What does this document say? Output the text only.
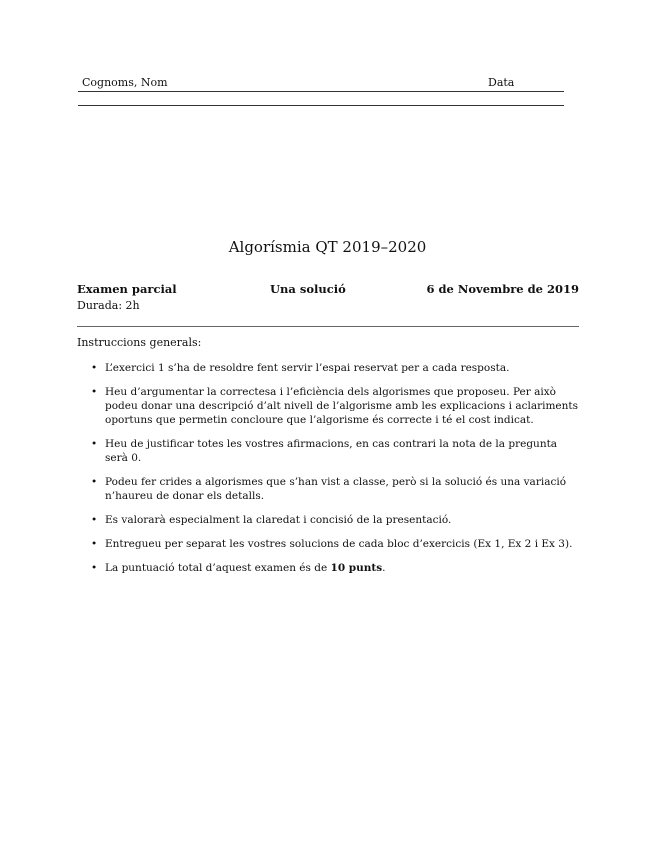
Cognoms, Nom	Data
Algorísmia QT 2019–2020
Examen parcial	Una solució	6 de Novembre de 2019
Durada: 2h
Instruccions generals:
• L’exercici 1 s’ha de resoldre fent servir l’espai reservat per a cada resposta.
• Heu d’argumentar la correctesa i l’eficiència dels algorismes que proposeu. Per això podeu donar una descripció d’alt nivell de l’algorisme amb les explicacions i aclariments oportuns que permetin concloure que l’algorisme és correcte i té el cost indicat.
• Heu de justificar totes les vostres afirmacions, en cas contrari la nota de la pregunta serà 0.
• Podeu fer crides a algorismes que s’han vist a classe, però si la solució és una variació n’haureu de donar els detalls.
• Es valorarà especialment la claredat i concisió de la presentació.
• Entregueu per separat les vostres solucions de cada bloc d’exercicis (Ex 1, Ex 2 i Ex 3).
• La puntuació total d’aquest examen és de 10 punts.
